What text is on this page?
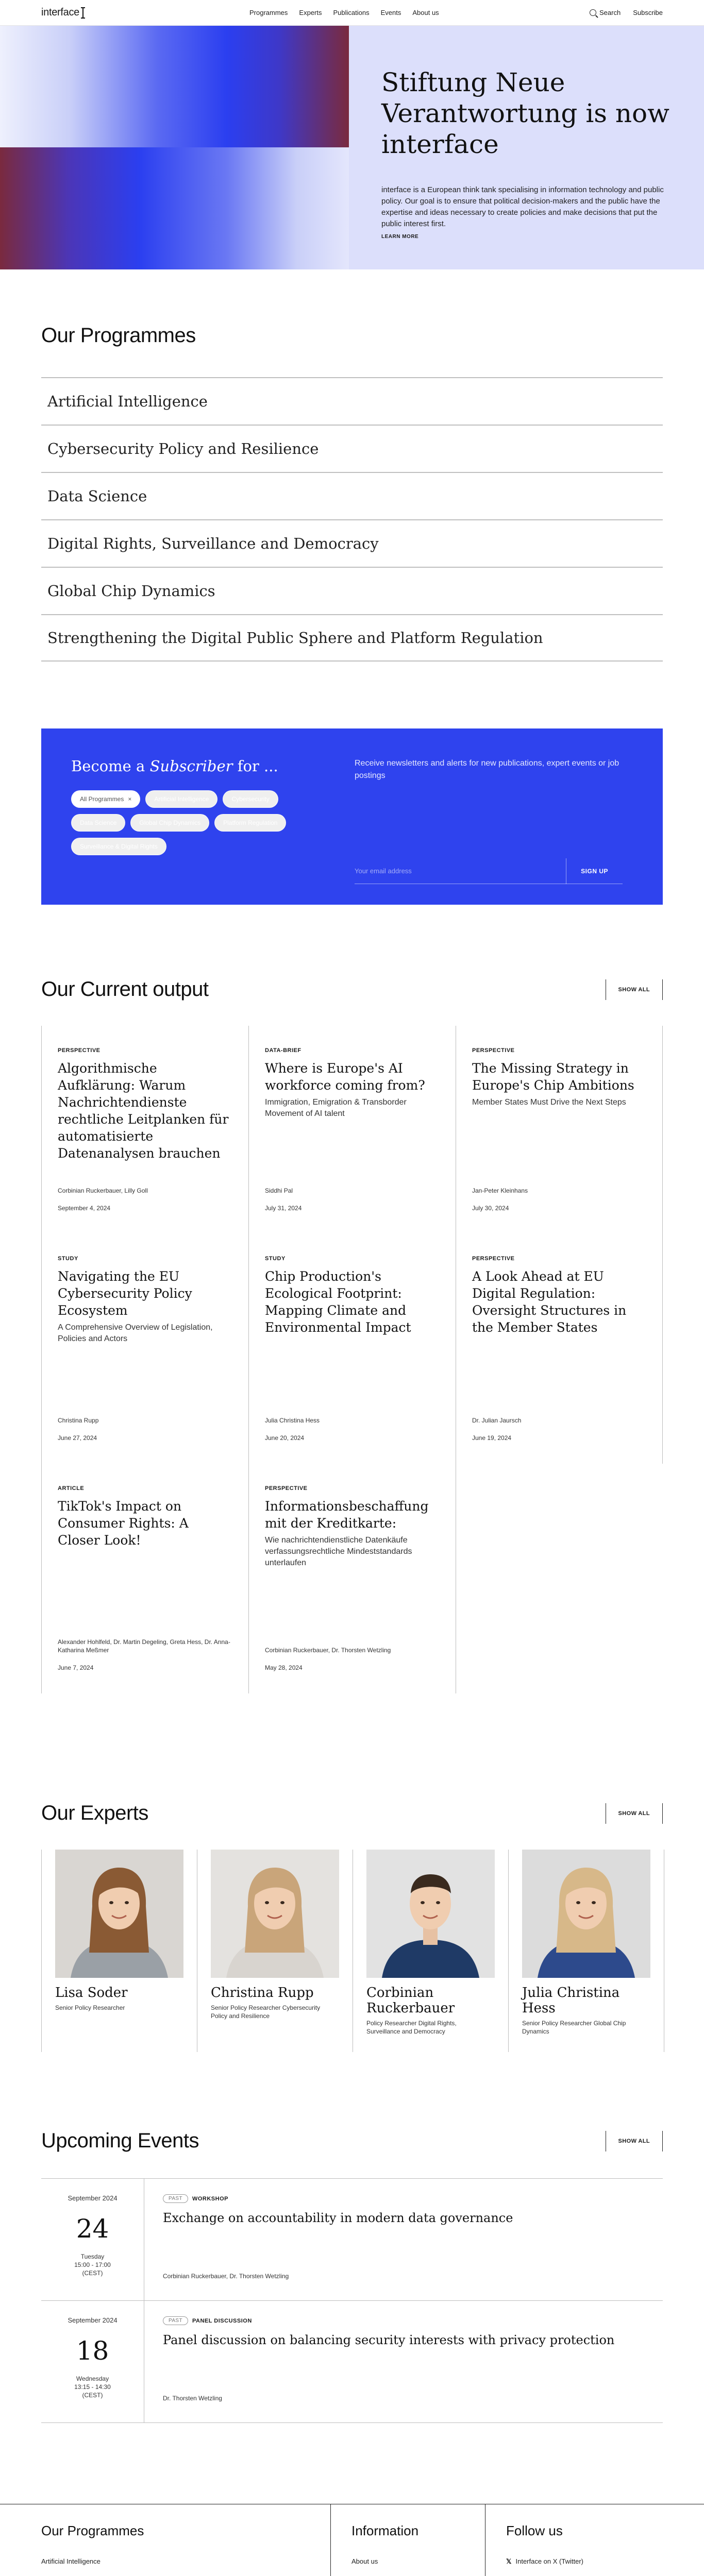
interface	Programmes Experts Publications Events About us	Search Subscribe
Stiftung Neue Verantwortung is now interface

interface is a European think tank specialising in information technology and public policy. Our goal is to ensure that political decision-makers and the public have the expertise and ideas necessary to create policies and make decisions that put the public interest first.

LEARN MORE
Our Programmes
Artificial Intelligence
Cybersecurity Policy and Resilience
Data Science
Digital Rights, Surveillance and Democracy
Global Chip Dynamics
Strengthening the Digital Public Sphere and Platform Regulation
Become a Subscriber for ...
All Programmes ×	Artificial Intelligence	Cybersecurity
Data Science	Global Chip Dynamics	Platform Regulation
Surveillance & Digital Rights

Receive newsletters and alerts for new publications, expert events or job postings

Your email address
SIGN UP
Our Current output	SHOW ALL
PERSPECTIVE
Algorithmische Aufklärung: Warum Nachrichtendienste rechtliche Leitplanken für automatisierte Datenanalysen brauchen
Corbinian Ruckerbauer, Lilly Goll
September 4, 2024
DATA-BRIEF
Where is Europe's AI workforce coming from?
Immigration, Emigration & Transborder Movement of AI talent
Siddhi Pal
July 31, 2024
PERSPECTIVE
The Missing Strategy in Europe's Chip Ambitions
Member States Must Drive the Next Steps
Jan-Peter Kleinhans
July 30, 2024
STUDY
Navigating the EU Cybersecurity Policy Ecosystem
A Comprehensive Overview of Legislation, Policies and Actors
Christina Rupp
June 27, 2024
STUDY
Chip Production's Ecological Footprint: Mapping Climate and Environmental Impact
Julia Christina Hess
June 20, 2024
PERSPECTIVE
A Look Ahead at EU Digital Regulation: Oversight Structures in the Member States
Dr. Julian Jaursch
June 19, 2024
ARTICLE
TikTok's Impact on Consumer Rights: A Closer Look!
Alexander Hohlfeld, Dr. Martin Degeling, Greta Hess, Dr. Anna-Katharina Meßmer
June 7, 2024
PERSPECTIVE
Informationsbeschaffung mit der Kreditkarte:
Wie nachrichtendienstliche Datenkäufe verfassungsrechtliche Mindeststandards unterlaufen
Corbinian Ruckerbauer, Dr. Thorsten Wetzling
May 28, 2024
Our Experts	SHOW ALL
Lisa Soder
Senior Policy Researcher
Christina Rupp
Senior Policy Researcher Cybersecurity Policy and Resilience
Corbinian Ruckerbauer
Policy Researcher Digital Rights, Surveillance and Democracy
Julia Christina Hess
Senior Policy Researcher Global Chip Dynamics
Upcoming Events	SHOW ALL
September 2024
24
Tuesday
15:00 - 17:00
(CEST)
PAST	WORKSHOP
Exchange on accountability in modern data governance
Corbinian Ruckerbauer, Dr. Thorsten Wetzling
September 2024
18
Wednesday
13:15 - 14:30
(CEST)
PAST	PANEL DISCUSSION
Panel discussion on balancing security interests with privacy protection
Dr. Thorsten Wetzling
Our Programmes
Artificial Intelligence
Information
About us
Follow us
𝕏 Interface on X (Twitter)
